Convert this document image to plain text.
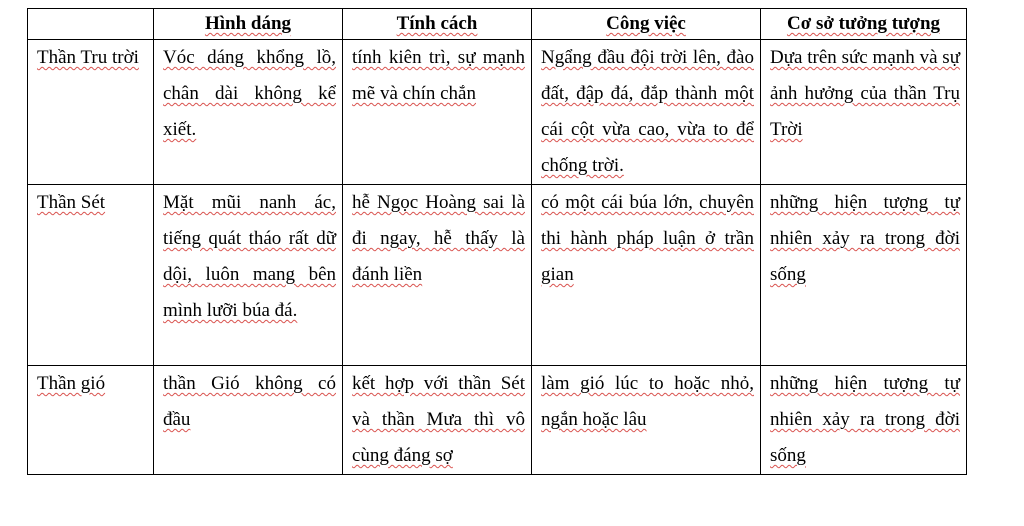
	Hình dáng	Tính cách	Công việc	Cơ sở tưởng tượng
Thần Tru trời	Vóc dáng khổng lồ, chân dài không kể xiết.	tính kiên trì, sự mạnh mẽ và chín chắn	Ngẩng đầu đội trời lên, đào đất, đập đá, đắp thành một cái cột vừa cao, vừa to để chống trời.	Dựa trên sức mạnh và sự ảnh hưởng của thần Trụ Trời
Thần Sét	Mặt mũi nanh ác, tiếng quát tháo rất dữ dội, luôn mang bên mình lưỡi búa đá.	hễ Ngọc Hoàng sai là đi ngay, hễ thấy là đánh liền	có một cái búa lớn, chuyên thi hành pháp luận ở trần gian	những hiện tượng tự nhiên xảy ra trong đời sống
Thần gió	thần Gió không có đầu	kết hợp với thần Sét và thần Mưa thì vô cùng đáng sợ	làm gió lúc to hoặc nhỏ, ngắn hoặc lâu	những hiện tượng tự nhiên xảy ra trong đời sống
